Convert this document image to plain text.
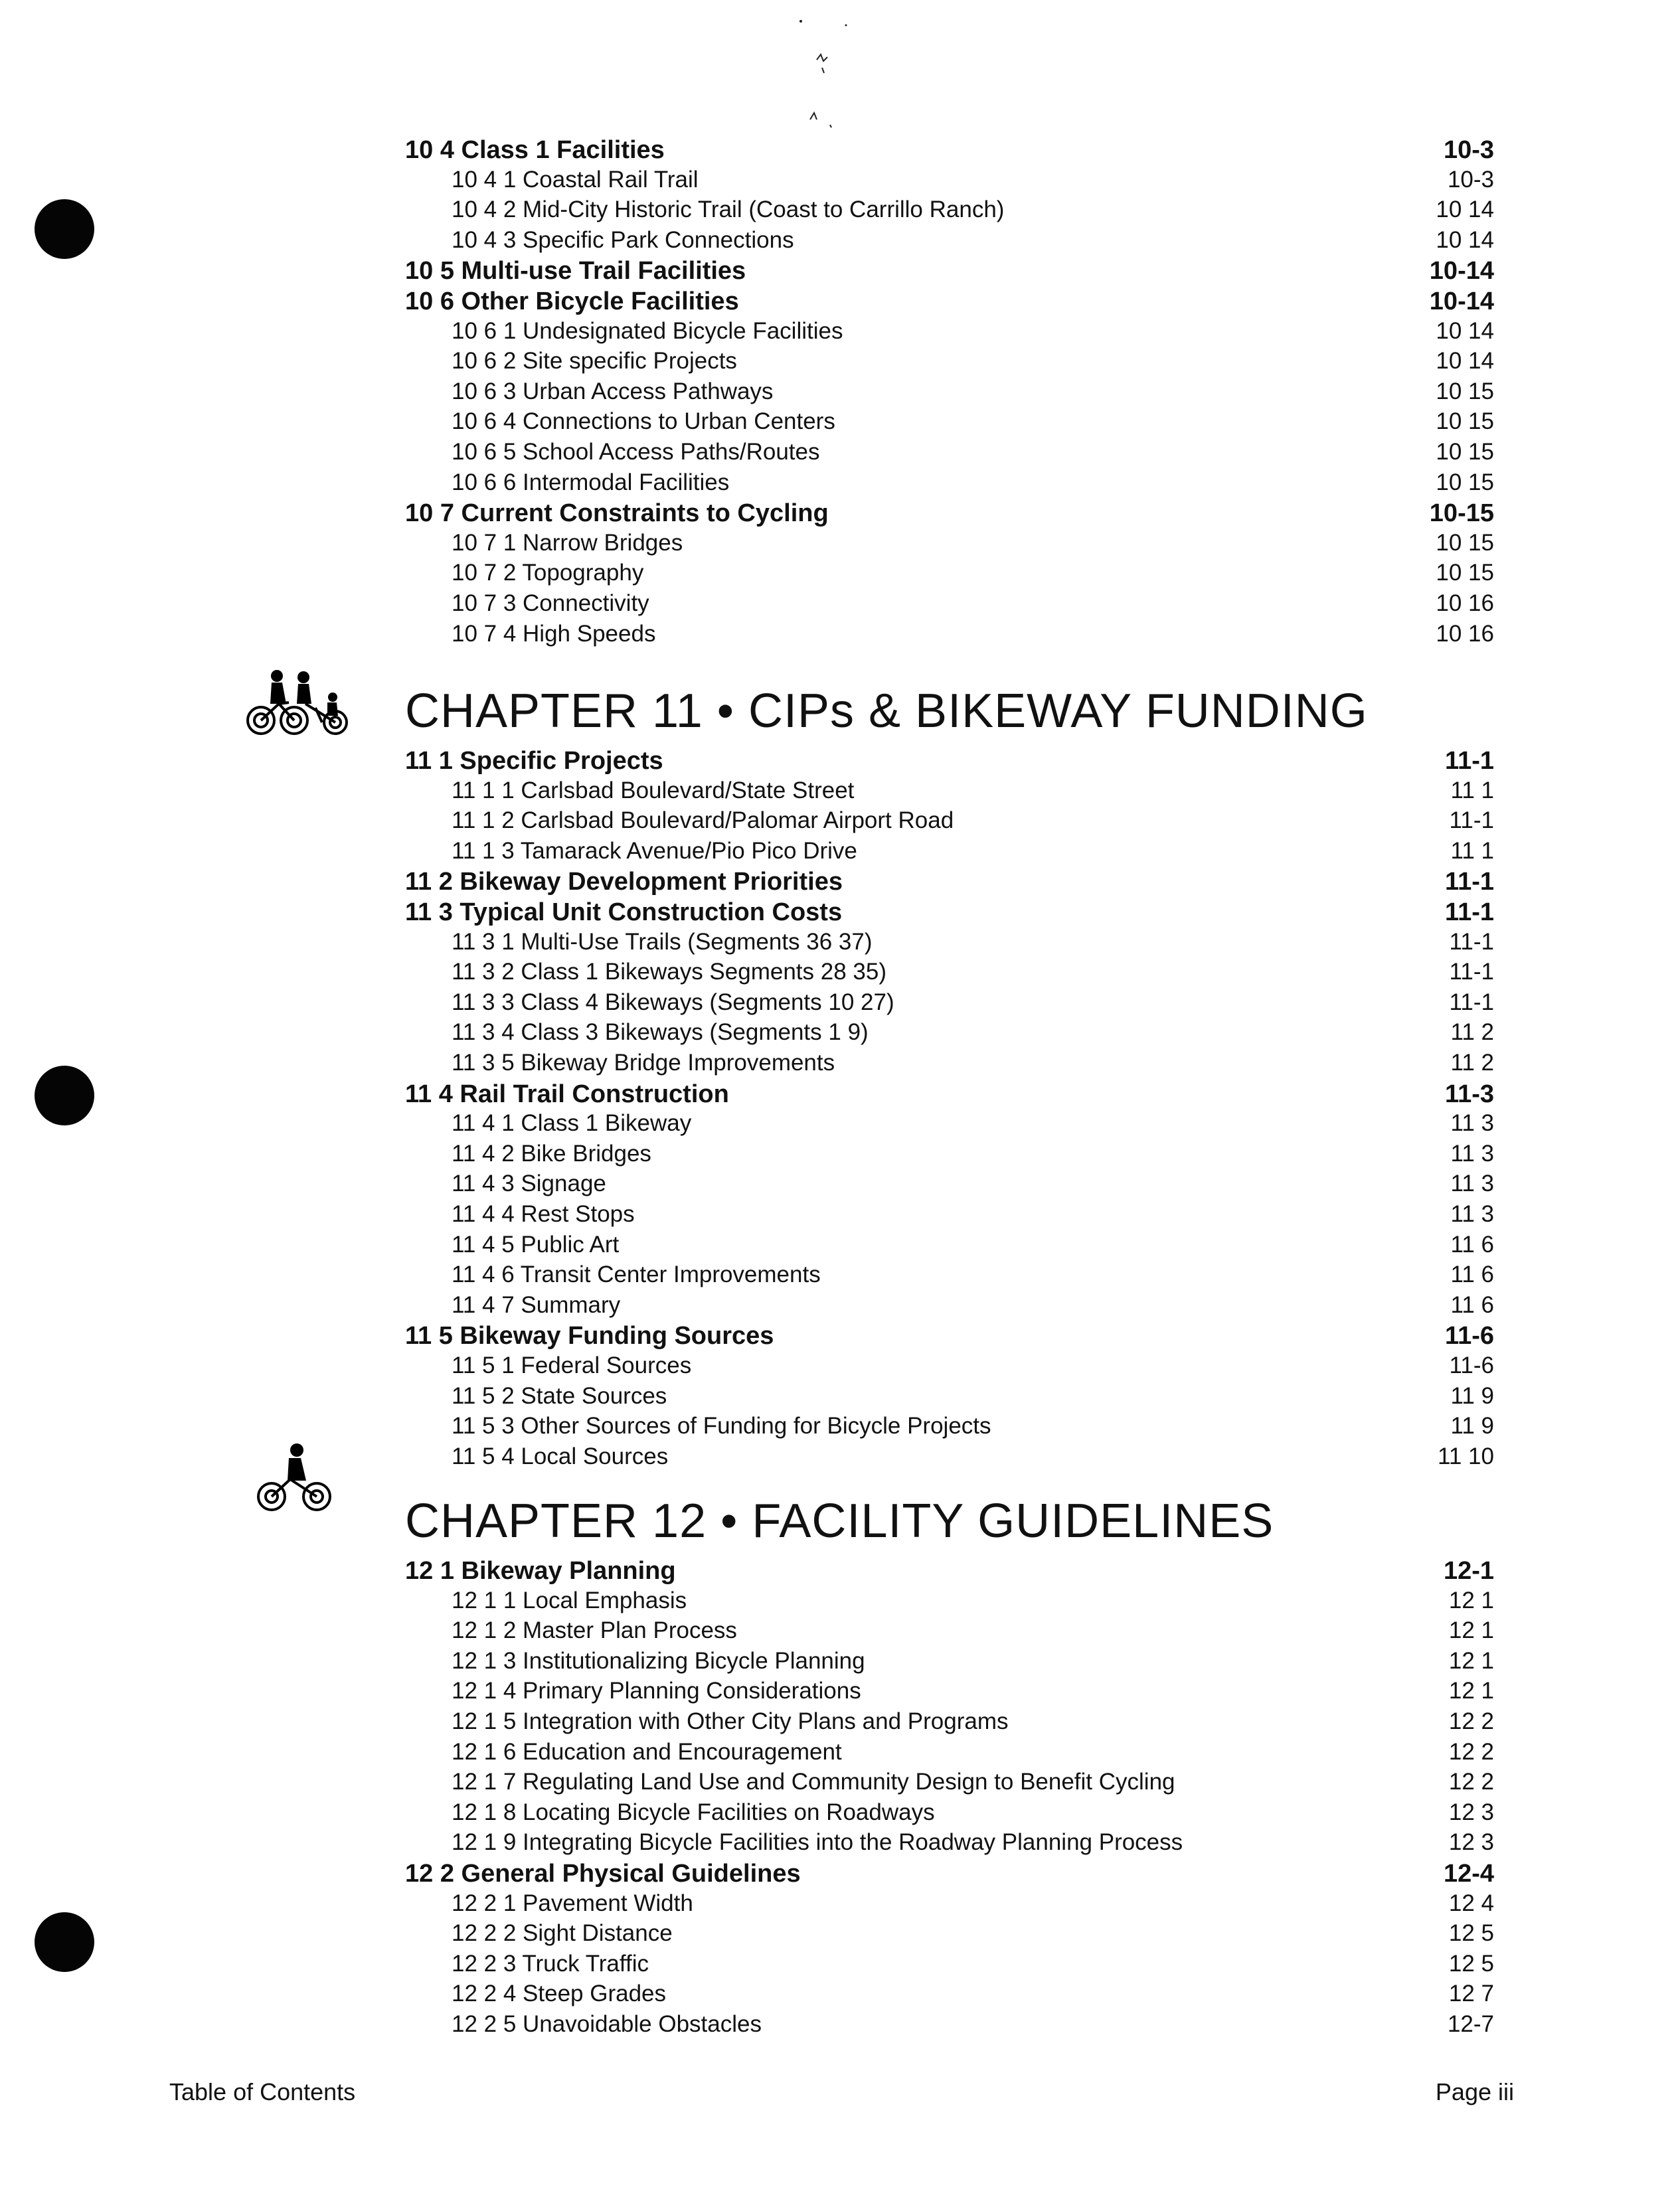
10 4 Class 1 Facilities	10-3
10 4 1 Coastal Rail Trail	10-3
10 4 2 Mid-City Historic Trail (Coast to Carrillo Ranch)	10 14
10 4 3 Specific Park Connections	10 14
10 5 Multi-use Trail Facilities	10-14
10 6 Other Bicycle Facilities	10-14
10 6 1 Undesignated Bicycle Facilities	10 14
10 6 2 Site specific Projects	10 14
10 6 3 Urban Access Pathways	10 15
10 6 4 Connections to Urban Centers	10 15
10 6 5 School Access Paths/Routes	10 15
10 6 6 Intermodal Facilities	10 15
10 7 Current Constraints to Cycling	10-15
10 7 1 Narrow Bridges	10 15
10 7 2 Topography	10 15
10 7 3 Connectivity	10 16
10 7 4 High Speeds	10 16
CHAPTER 11 • CIPs & BIKEWAY FUNDING
11 1 Specific Projects	11-1
11 1 1 Carlsbad Boulevard/State Street	11 1
11 1 2 Carlsbad Boulevard/Palomar Airport Road	11-1
11 1 3 Tamarack Avenue/Pio Pico Drive	11 1
11 2 Bikeway Development Priorities	11-1
11 3 Typical Unit Construction Costs	11-1
11 3 1 Multi-Use Trails (Segments 36 37)	11-1
11 3 2 Class 1 Bikeways Segments 28 35)	11-1
11 3 3 Class 4 Bikeways (Segments 10 27)	11-1
11 3 4 Class 3 Bikeways (Segments 1 9)	11 2
11 3 5 Bikeway Bridge Improvements	11 2
11 4 Rail Trail Construction	11-3
11 4 1 Class 1 Bikeway	11 3
11 4 2 Bike Bridges	11 3
11 4 3 Signage	11 3
11 4 4 Rest Stops	11 3
11 4 5 Public Art	11 6
11 4 6 Transit Center Improvements	11 6
11 4 7 Summary	11 6
11 5 Bikeway Funding Sources	11-6
11 5 1 Federal Sources	11-6
11 5 2 State Sources	11 9
11 5 3 Other Sources of Funding for Bicycle Projects	11 9
11 5 4 Local Sources	11 10
CHAPTER 12 • FACILITY GUIDELINES
12 1 Bikeway Planning	12-1
12 1 1 Local Emphasis	12 1
12 1 2 Master Plan Process	12 1
12 1 3 Institutionalizing Bicycle Planning	12 1
12 1 4 Primary Planning Considerations	12 1
12 1 5 Integration with Other City Plans and Programs	12 2
12 1 6 Education and Encouragement	12 2
12 1 7 Regulating Land Use and Community Design to Benefit Cycling	12 2
12 1 8 Locating Bicycle Facilities on Roadways	12 3
12 1 9 Integrating Bicycle Facilities into the Roadway Planning Process	12 3
12 2 General Physical Guidelines	12-4
12 2 1 Pavement Width	12 4
12 2 2 Sight Distance	12 5
12 2 3 Truck Traffic	12 5
12 2 4 Steep Grades	12 7
12 2 5 Unavoidable Obstacles	12-7
Table of Contents	Page iii
